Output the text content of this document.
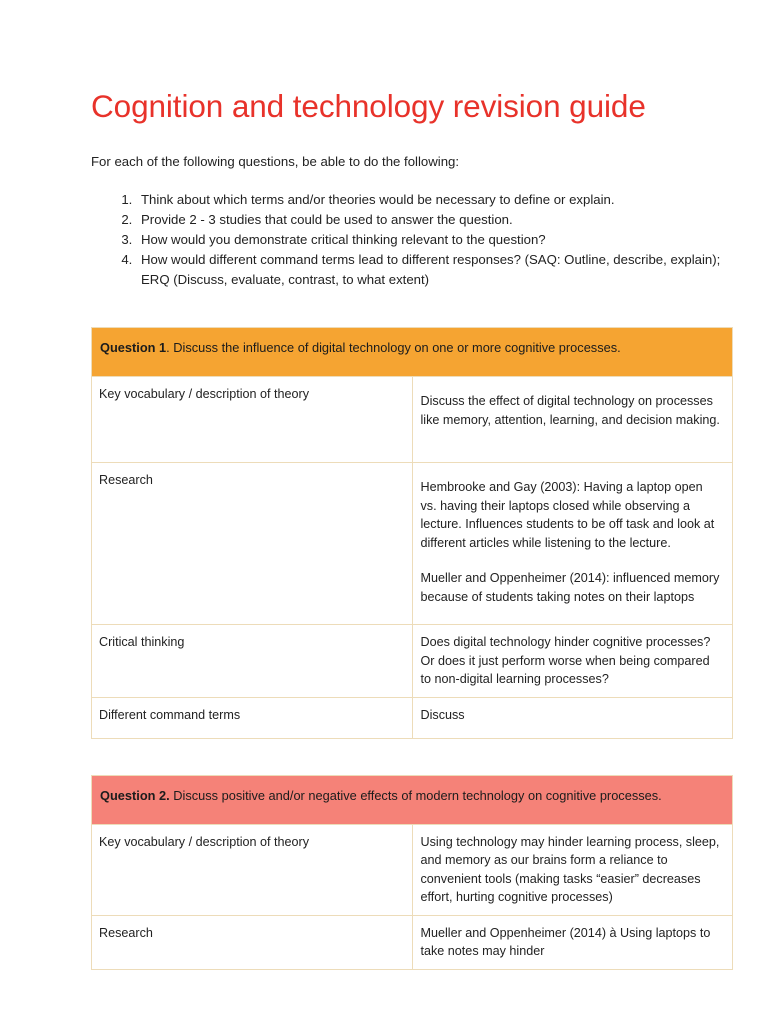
Cognition and technology revision guide

For each of the following questions, be able to do the following:

1. Think about which terms and/or theories would be necessary to define or explain.
2. Provide 2 - 3 studies that could be used to answer the question.
3. How would you demonstrate critical thinking relevant to the question?
4. How would different command terms lead to different responses? (SAQ: Outline, describe, explain); ERQ (Discuss, evaluate, contrast, to what extent)
Question 1. Discuss the influence of digital technology on one or more cognitive processes.	
Key vocabulary / description of theory	Discuss the effect of digital technology on processes like memory, attention, learning, and decision making.

Research	Hembrooke and Gay (2003): Having a laptop open vs. having their laptops closed while observing a lecture. Influences students to be off task and look at different articles while listening to the lecture.

Mueller and Oppenheimer (2014): influenced memory because of students taking notes on their laptops

Critical thinking	Does digital technology hinder cognitive processes? Or does it just perform worse when being compared to non-digital learning processes?

Different command terms	Discuss

Question 2. Discuss positive and/or negative effects of modern technology on cognitive processes.	
Key vocabulary / description of theory	Using technology may hinder learning process, sleep, and memory as our brains form a reliance to convenient tools (making tasks “easier” decreases effort, hurting cognitive processes)

Research	Mueller and Oppenheimer (2014) à Using laptops to take notes may hinder
